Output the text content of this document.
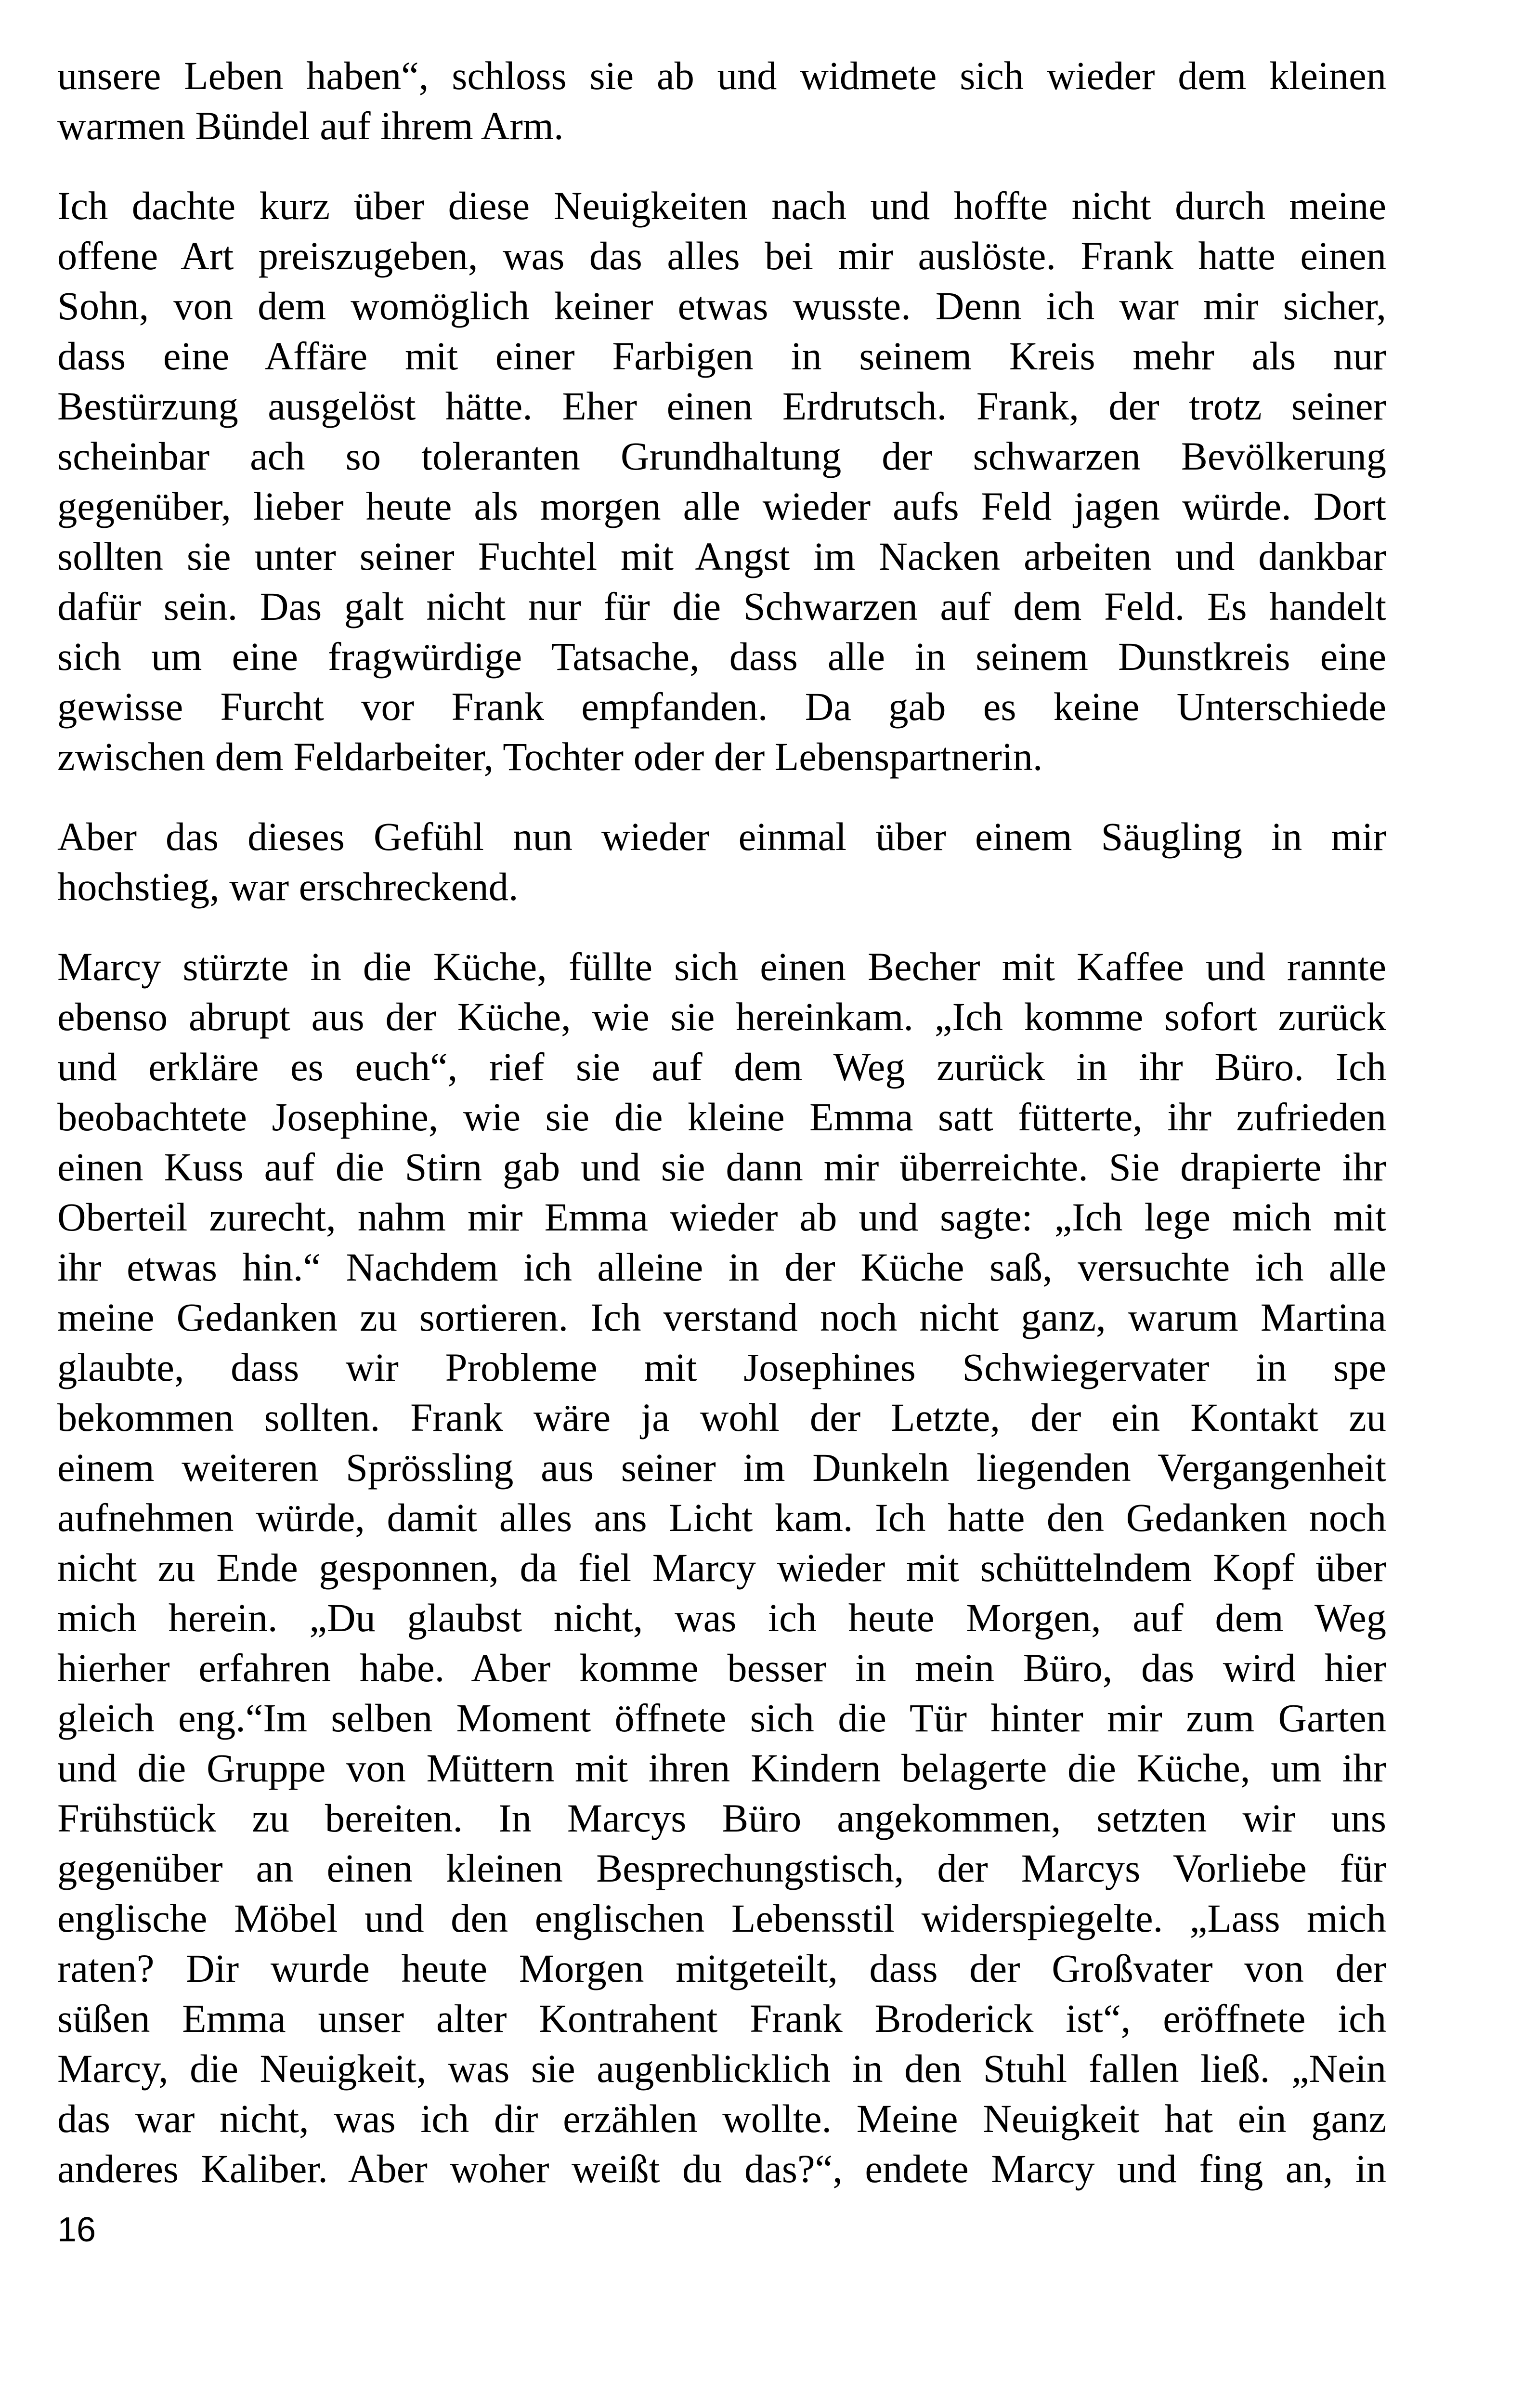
unsere Leben haben“, schloss sie ab und widmete sich wieder dem kleinen
warmen Bündel auf ihrem Arm.
Ich dachte kurz über diese Neuigkeiten nach und hoffte nicht durch meine
offene Art preiszugeben, was das alles bei mir auslöste. Frank hatte einen
Sohn, von dem womöglich keiner etwas wusste. Denn ich war mir sicher,
dass eine Affäre mit einer Farbigen in seinem Kreis mehr als nur
Bestürzung ausgelöst hätte. Eher einen Erdrutsch. Frank, der trotz seiner
scheinbar ach so toleranten Grundhaltung der schwarzen Bevölkerung
gegenüber, lieber heute als morgen alle wieder aufs Feld jagen würde. Dort
sollten sie unter seiner Fuchtel mit Angst im Nacken arbeiten und dankbar
dafür sein. Das galt nicht nur für die Schwarzen auf dem Feld. Es handelt
sich um eine fragwürdige Tatsache, dass alle in seinem Dunstkreis eine
gewisse Furcht vor Frank empfanden. Da gab es keine Unterschiede
zwischen dem Feldarbeiter, Tochter oder der Lebenspartnerin.
Aber das dieses Gefühl nun wieder einmal über einem Säugling in mir
hochstieg, war erschreckend.
Marcy stürzte in die Küche, füllte sich einen Becher mit Kaffee und rannte
ebenso abrupt aus der Küche, wie sie hereinkam. „Ich komme sofort zurück
und erkläre es euch“, rief sie auf dem Weg zurück in ihr Büro. Ich
beobachtete Josephine, wie sie die kleine Emma satt fütterte, ihr zufrieden
einen Kuss auf die Stirn gab und sie dann mir überreichte. Sie drapierte ihr
Oberteil zurecht, nahm mir Emma wieder ab und sagte: „Ich lege mich mit
ihr etwas hin.“ Nachdem ich alleine in der Küche saß, versuchte ich alle
meine Gedanken zu sortieren. Ich verstand noch nicht ganz, warum Martina
glaubte, dass wir Probleme mit Josephines Schwiegervater in spe
bekommen sollten. Frank wäre ja wohl der Letzte, der ein Kontakt zu
einem weiteren Sprössling aus seiner im Dunkeln liegenden Vergangenheit
aufnehmen würde, damit alles ans Licht kam. Ich hatte den Gedanken noch
nicht zu Ende gesponnen, da fiel Marcy wieder mit schüttelndem Kopf über
mich herein. „Du glaubst nicht, was ich heute Morgen, auf dem Weg
hierher erfahren habe. Aber komme besser in mein Büro, das wird hier
gleich eng.“Im selben Moment öffnete sich die Tür hinter mir zum Garten
und die Gruppe von Müttern mit ihren Kindern belagerte die Küche, um ihr
Frühstück zu bereiten. In Marcys Büro angekommen, setzten wir uns
gegenüber an einen kleinen Besprechungstisch, der Marcys Vorliebe für
englische Möbel und den englischen Lebensstil widerspiegelte. „Lass mich
raten? Dir wurde heute Morgen mitgeteilt, dass der Großvater von der
süßen Emma unser alter Kontrahent Frank Broderick ist“, eröffnete ich
Marcy, die Neuigkeit, was sie augenblicklich in den Stuhl fallen ließ. „Nein
das war nicht, was ich dir erzählen wollte. Meine Neuigkeit hat ein ganz
anderes Kaliber. Aber woher weißt du das?“, endete Marcy und fing an, in
16
